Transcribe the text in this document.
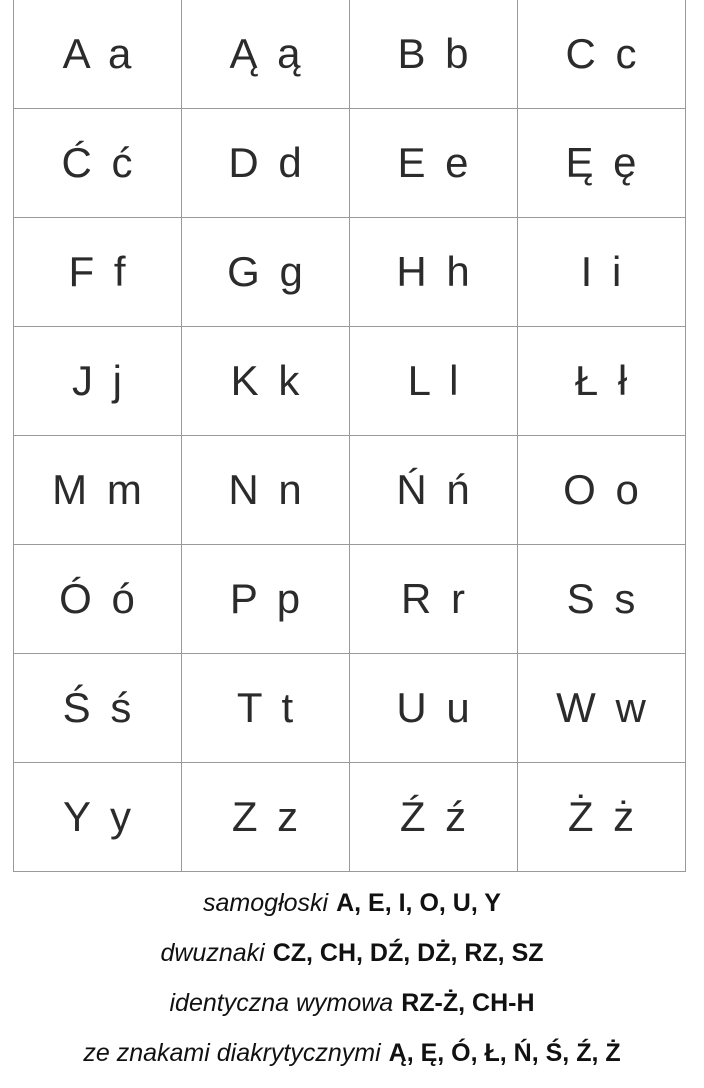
A a	Ą ą	B b	C c
Ć ć	D d	E e	Ę ę
F f	G g	H h	I i
J j	K k	L l	Ł ł
M m	N n	Ń ń	O o
Ó ó	P p	R r	S s
Ś ś	T t	U u	W w
Y y	Z z	Ź ź	Ż ż
samogłoski A, E, I, O, U, Y
dwuznaki CZ, CH, DŹ, DŻ, RZ, SZ
identyczna wymowa RZ-Ż, CH-H
ze znakami diakrytycznymi Ą, Ę, Ó, Ł, Ń, Ś, Ź, Ż
